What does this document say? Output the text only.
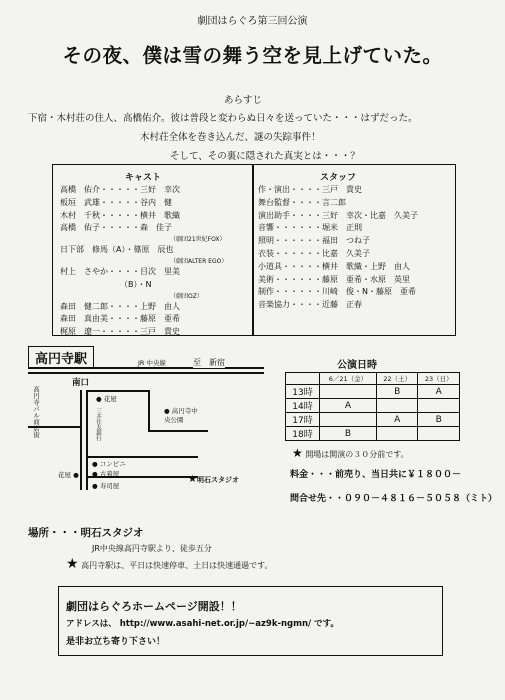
劇団はらぐろ第三回公演
その夜、僕は雪の舞う空を見上げていた。
あらすじ
下宿・木村荘の住人、高橋佑介。彼は普段と変わらぬ日々を送っていた・・・はずだった。
木村荘全体を巻き込んだ、謎の失踪事件！
そして、その裏に隠された真実とは・・・？
キャスト	スタッフ
高橋　佑介・・・・・三好　幸次
板垣　武雄・・・・・谷内　健
木村　千秋・・・・・横井　歌織
高橋　佑子・・・・・森　佳子
（劇団21世紀FOX）
日下部　修馬（A）・篠原　辰也
（劇団ALTER EGO）
村上　さやか・・・・目次　里美
（B）・N
（劇団OZ）
森田　健二郎・・・・上野　由人
森田　真由美・・・・藤原　亜希
梶原　遼一・・・・・三戸　貴史
作・演出・・・・三戸　貴史
舞台監督・・・・言二郎
演出助手・・・・三好　幸次・比嘉　久美子
音響・・・・・・堀米　正則
照明・・・・・・福田　つね子
衣装・・・・・・比嘉　久美子
小道具・・・・・横井　歌織・上野　由人
美術・・・・・・藤原　亜希・水原　英里
制作・・・・・・川崎　俊・N・藤原　亜希
音楽協力・・・・近藤　正春
高円寺駅	JR 中央線	至　新宿
南口
高円寺パル商店街	● 花屋
三井住友銀行	● 高円寺中央公園
● コンビニ
● 古着屋
花屋 ●
● 寿司屋
★明石スタジオ
公演日時
	6／21（金）	22（土）	23（日）
13時		B	A
14時	A		
17時		A	B
18時	B		
★ 開場は開演の３０分前です。
料金・・・前売り、当日共に￥１８００－
問合せ先・・０９０－４８１６－５０５８（ミト）
場所・・・明石スタジオ
JR中央線高円寺駅より、徒歩五分
★ 高円寺駅は、平日は快速停車、土日は快速通過です。
劇団はらぐろホームページ開設！！
アドレスは、 http://www.asahi-net.or.jp/~az9k-ngmn/ です。
是非お立ち寄り下さい！
